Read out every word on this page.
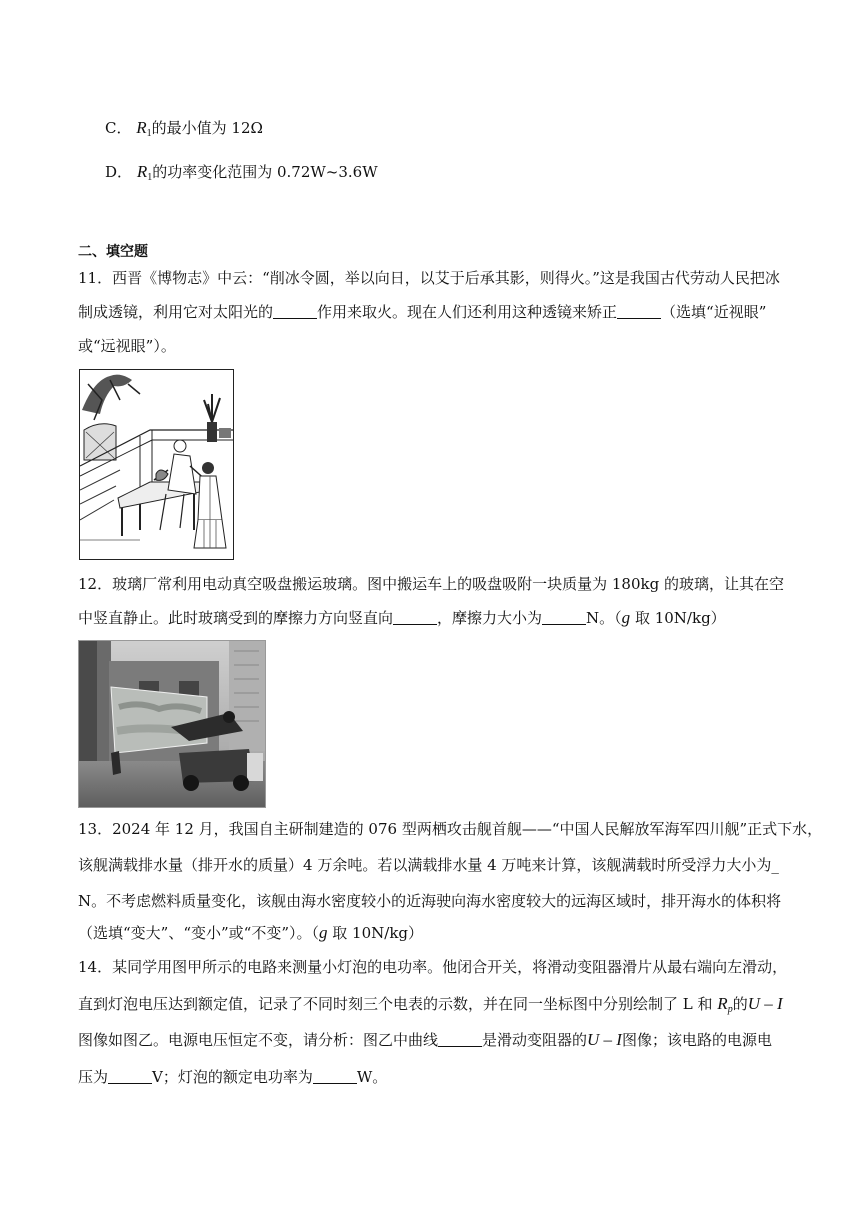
C． $R_1$的最小值为 12Ω
D． $R_1$的功率变化范围为 0.72W~3.6W
二、填空题
11．西晋《博物志》中云：“削冰令圆，举以向日，以艾于后承其影，则得火。”这是我国古代劳动人民把冰
制成透镜，利用它对太阳光的	作用来取火。现在人们还利用这种透镜来矫正	（选填“近视眼”
或“远视眼”）。
12．玻璃厂常利用电动真空吸盘搬运玻璃。图中搬运车上的吸盘吸附一块质量为 180kg 的玻璃，让其在空
中竖直静止。此时玻璃受到的摩擦力方向竖直向	，摩擦力大小为	N。（g 取 10N/kg）
13．2024 年 12 月，我国自主研制建造的 076 型两栖攻击舰首舰——“中国人民解放军海军四川舰”正式下水，
该舰满载排水量（排开水的质量）4 万余吨。若以满载排水量 4 万吨来计算，该舰满载时所受浮力大小为_
N。不考虑燃料质量变化，该舰由海水密度较小的近海驶向海水密度较大的远海区域时，排开海水的体积将
（选填“变大”、“变小”或“不变”）。（g 取 10N/kg）
14．某同学用图甲所示的电路来测量小灯泡的电功率。他闭合开关，将滑动变阻器滑片从最右端向左滑动，
直到灯泡电压达到额定值，记录了不同时刻三个电表的示数，并在同一坐标图中分别绘制了 L 和 $R_p$的U – I
图像如图乙。电源电压恒定不变，请分析：图乙中曲线	是滑动变阻器的U – I图像；该电路的电源电
压为	V；灯泡的额定电功率为	W。
